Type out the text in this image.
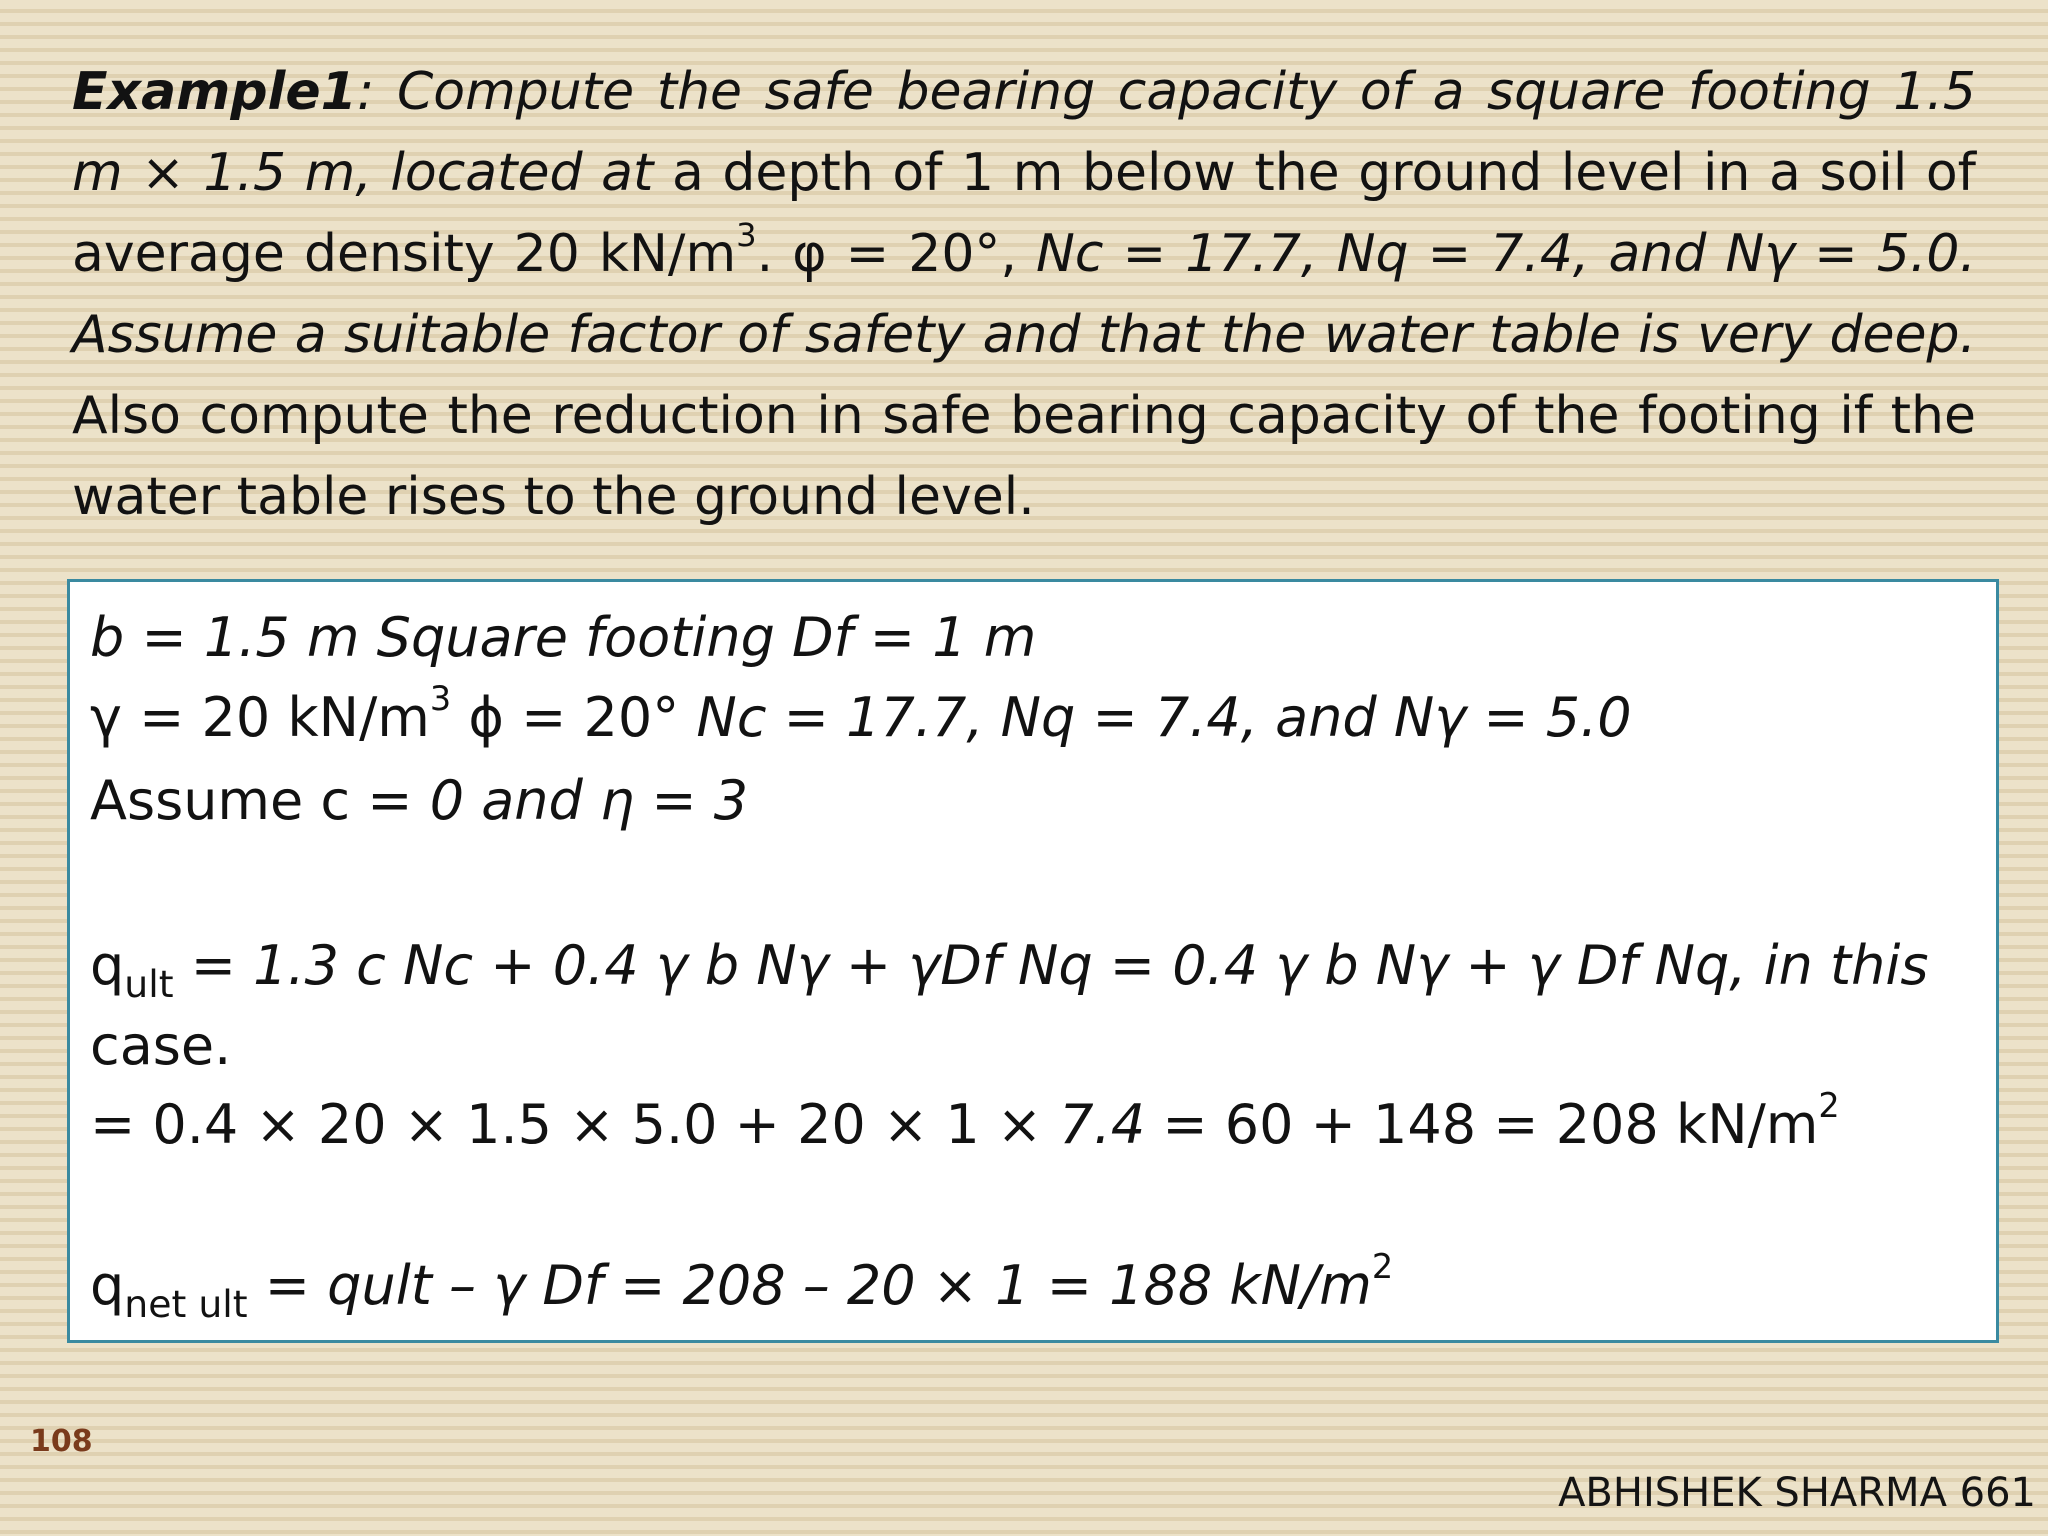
Example1: Compute the safe bearing capacity of a square footing 1.5 m × 1.5 m, located at a depth of 1 m below the ground level in a soil of average density 20 $kN/m^3$. φ = 20°, Nc = 17.7, Nq = 7.4, and Nγ = 5.0. Assume a suitable factor of safety and that the water table is very deep. Also compute the reduction in safe bearing capacity of the footing if the water table rises to the ground level.

b = 1.5 m Square footing Df = 1 m

γ = 20 $kN/m^3$ ϕ = 20° Nc = 17.7, Nq = 7.4, and Nγ = 5.0

Assume c = 0 and η = 3

$q_{ult} = 1.3$ c Nc + 0.4 γ b Nγ + γDf Nq = 0.4 γ b Nγ + γ Df Nq, in this

case.

= 0.4 × 20 × 1.5 × 5.0 + 20 × 1 × 7.4 = 60 + 148 = 208 $kN/m^2$

$q_{net ult}$ = qult – γ Df = 208 – 20 × 1 = 188 $kN/m^2$

108
ABHISHEK SHARMA 661
